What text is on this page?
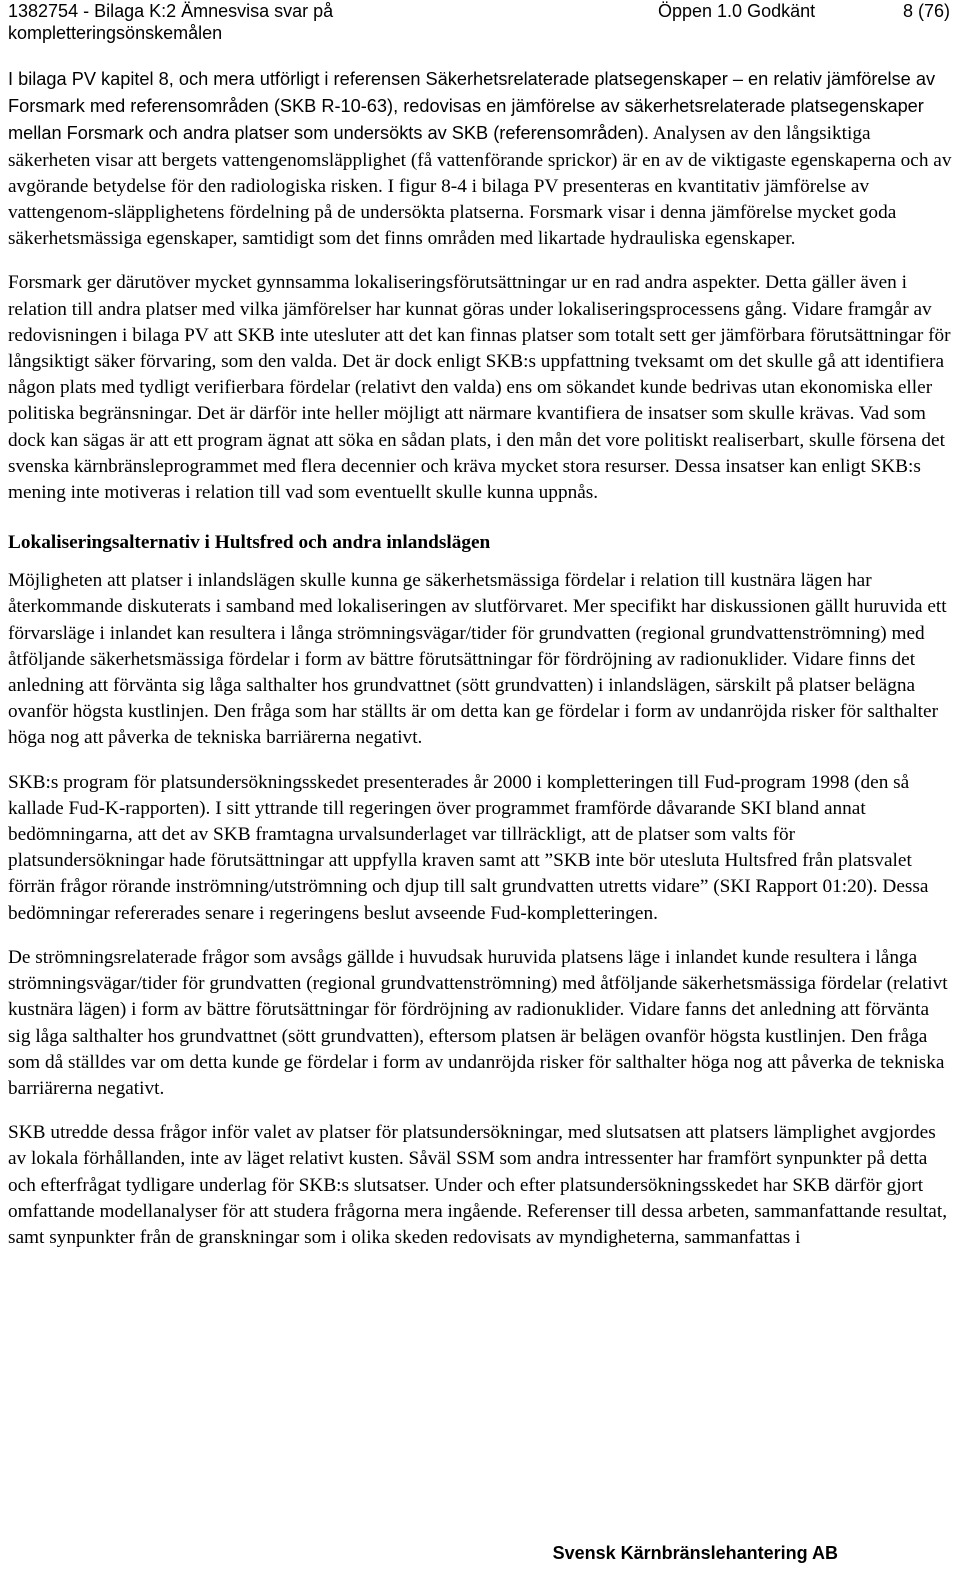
1382754 - Bilaga K:2 Ämnesvisa svar på kompletteringsönskemålen
Öppen 1.0 Godkänt	8 (76)

I bilaga PV kapitel 8, och mera utförligt i referensen Säkerhetsrelaterade platsegenskaper – en relativ jämförelse av Forsmark med referensområden (SKB R-10-63), redovisas en jämförelse av säkerhetsrelaterade platsegenskaper mellan Forsmark och andra platser som undersökts av SKB (referensområden). Analysen av den långsiktiga säkerheten visar att bergets vattengenomsläpplighet (få vattenförande sprickor) är en av de viktigaste egenskaperna och av avgörande betydelse för den radiologiska risken. I figur 8-4 i bilaga PV presenteras en kvantitativ jämförelse av vattengenom-släpplighetens fördelning på de undersökta platserna. Forsmark visar i denna jämförelse mycket goda säkerhetsmässiga egenskaper, samtidigt som det finns områden med likartade hydrauliska egenskaper.

Forsmark ger därutöver mycket gynnsamma lokaliseringsförutsättningar ur en rad andra aspekter. Detta gäller även i relation till andra platser med vilka jämförelser har kunnat göras under lokaliseringsprocessens gång. Vidare framgår av redovisningen i bilaga PV att SKB inte utesluter att det kan finnas platser som totalt sett ger jämförbara förutsättningar för långsiktigt säker förvaring, som den valda. Det är dock enligt SKB:s uppfattning tveksamt om det skulle gå att identifiera någon plats med tydligt verifierbara fördelar (relativt den valda) ens om sökandet kunde bedrivas utan ekonomiska eller politiska begränsningar. Det är därför inte heller möjligt att närmare kvantifiera de insatser som skulle krävas. Vad som dock kan sägas är att ett program ägnat att söka en sådan plats, i den mån det vore politiskt realiserbart, skulle försena det svenska kärnbränsleprogrammet med flera decennier och kräva mycket stora resurser. Dessa insatser kan enligt SKB:s mening inte motiveras i relation till vad som eventuellt skulle kunna uppnås.

Lokaliseringsalternativ i Hultsfred och andra inlandslägen

Möjligheten att platser i inlandslägen skulle kunna ge säkerhetsmässiga fördelar i relation till kustnära lägen har återkommande diskuterats i samband med lokaliseringen av slutförvaret. Mer specifikt har diskussionen gällt huruvida ett förvarsläge i inlandet kan resultera i långa strömningsvägar/tider för grundvatten (regional grundvattenströmning) med åtföljande säkerhetsmässiga fördelar i form av bättre förutsättningar för fördröjning av radionuklider. Vidare finns det anledning att förvänta sig låga salthalter hos grundvattnet (sött grundvatten) i inlandslägen, särskilt på platser belägna ovanför högsta kustlinjen. Den fråga som har ställts är om detta kan ge fördelar i form av undanröjda risker för salthalter höga nog att påverka de tekniska barriärerna negativt.

SKB:s program för platsundersökningsskedet presenterades år 2000 i kompletteringen till Fud-program 1998 (den så kallade Fud-K-rapporten). I sitt yttrande till regeringen över programmet framförde dåvarande SKI bland annat bedömningarna, att det av SKB framtagna urvalsunderlaget var tillräckligt, att de platser som valts för platsundersökningar hade förutsättningar att uppfylla kraven samt att ”SKB inte bör utesluta Hultsfred från platsvalet förrän frågor rörande inströmning/utströmning och djup till salt grundvatten utretts vidare” (SKI Rapport 01:20). Dessa bedömningar refererades senare i regeringens beslut avseende Fud-kompletteringen.

De strömningsrelaterade frågor som avsågs gällde i huvudsak huruvida platsens läge i inlandet kunde resultera i långa strömningsvägar/tider för grundvatten (regional grundvattenströmning) med åtföljande säkerhetsmässiga fördelar (relativt kustnära lägen) i form av bättre förutsättningar för fördröjning av radionuklider. Vidare fanns det anledning att förvänta sig låga salthalter hos grundvattnet (sött grundvatten), eftersom platsen är belägen ovanför högsta kustlinjen. Den fråga som då ställdes var om detta kunde ge fördelar i form av undanröjda risker för salthalter höga nog att påverka de tekniska barriärerna negativt.

SKB utredde dessa frågor inför valet av platser för platsundersökningar, med slutsatsen att platsers lämplighet avgjordes av lokala förhållanden, inte av läget relativt kusten. Såväl SSM som andra intressenter har framfört synpunkter på detta och efterfrågat tydligare underlag för SKB:s slutsatser. Under och efter platsundersökningsskedet har SKB därför gjort omfattande modellanalyser för att studera frågorna mera ingående. Referenser till dessa arbeten, sammanfattande resultat, samt synpunkter från de granskningar som i olika skeden redovisats av myndigheterna, sammanfattas i

Svensk Kärnbränslehantering AB
